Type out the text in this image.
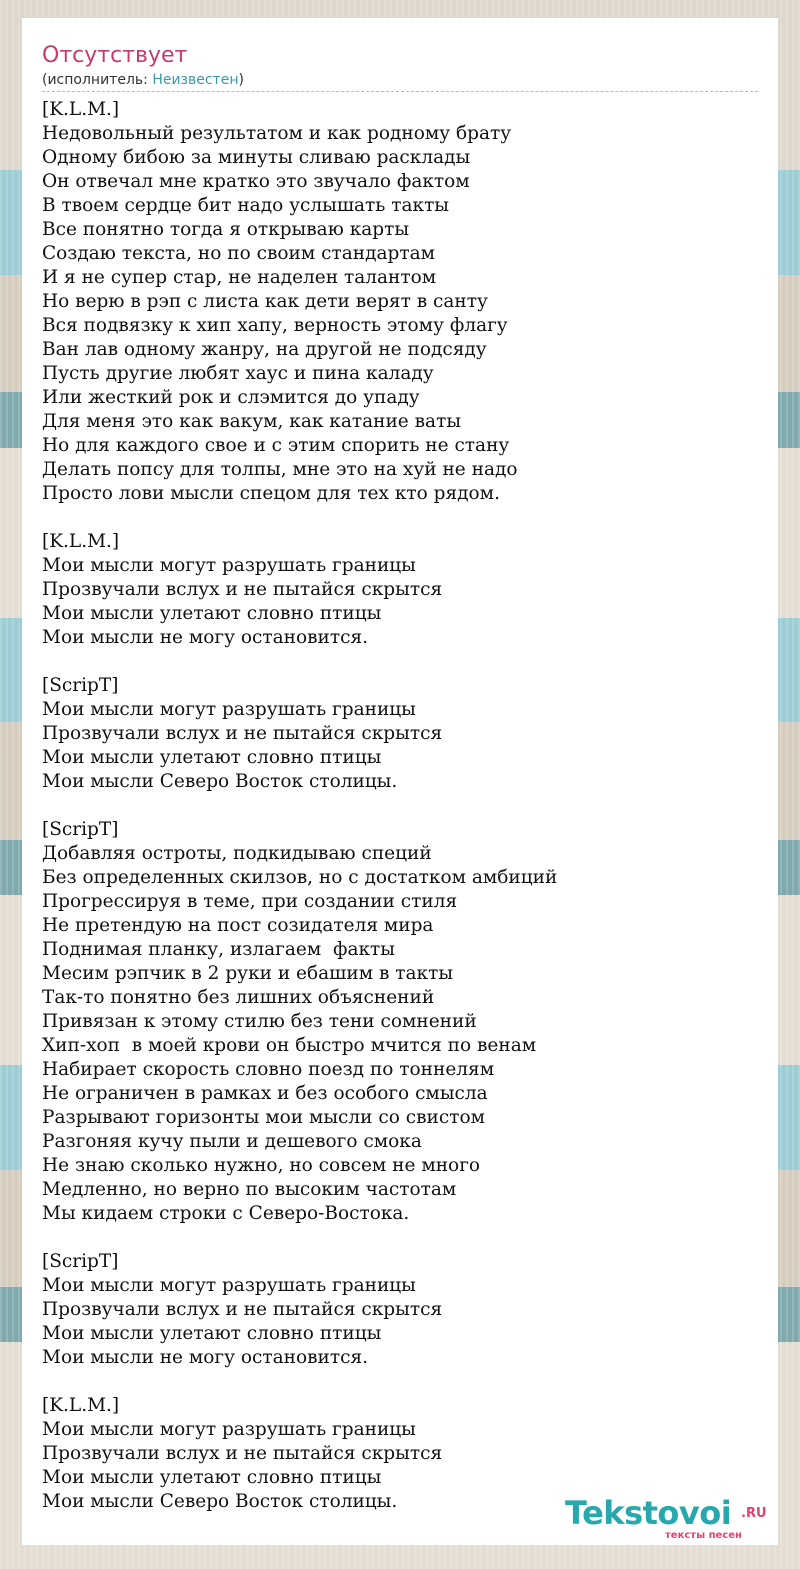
Отсутствует
(исполнитель: Неизвестен)
[K.L.M.]
Недовольный результатом и как родному брату
Одному бибою за минуты сливаю расклады
Он отвечал мне кратко это звучало фактом
В твоем сердце бит надо услышать такты
Все понятно тогда я открываю карты
Создаю текста, но по своим стандартам
И я не супер стар, не наделен талантом
Но верю в рэп с листа как дети верят в санту
Вся подвязку к хип хапу, верность этому флагу
Ван лав одному жанру, на другой не подсяду
Пусть другие любят хаус и пина каладу
Или жесткий рок и слэмится до упаду
Для меня это как вакум, как катание ваты
Но для каждого свое и с этим спорить не стану
Делать попсу для толпы, мне это на хуй не надо
Просто лови мысли спецом для тех кто рядом.
[K.L.M.]
Мои мысли могут разрушать границы
Прозвучали вслух и не пытайся скрытся
Мои мысли улетают словно птицы
Мои мысли не могу остановится.
[ScripT]
Мои мысли могут разрушать границы
Прозвучали вслух и не пытайся скрытся
Мои мысли улетают словно птицы
Мои мысли Северо Восток столицы.
[ScripT]
Добавляя остроты, подкидываю специй
Без определенных скилзов, но с достатком амбиций
Прогрессируя в теме, при создании стиля
Не претендую на пост созидателя мира
Поднимая планку, излагаем  факты
Месим рэпчик в 2 руки и ебашим в такты
Так-то понятно без лишних объяснений
Привязан к этому стилю без тени сомнений
Хип-хоп  в моей крови он быстро мчится по венам
Набирает скорость словно поезд по тоннелям
Не ограничен в рамках и без особого смысла
Разрывают горизонты мои мысли со свистом
Разгоняя кучу пыли и дешевого смока
Не знаю сколько нужно, но совсем не много
Медленно, но верно по высоким частотам
Мы кидаем строки с Северо-Востока.
[ScripT]
Мои мысли могут разрушать границы
Прозвучали вслух и не пытайся скрытся
Мои мысли улетают словно птицы
Мои мысли не могу остановится.
[K.L.M.]
Мои мысли могут разрушать границы
Прозвучали вслух и не пытайся скрытся
Мои мысли улетают словно птицы
Мои мысли Северо Восток столицы.	Tekstovoi .RU
тексты песен
